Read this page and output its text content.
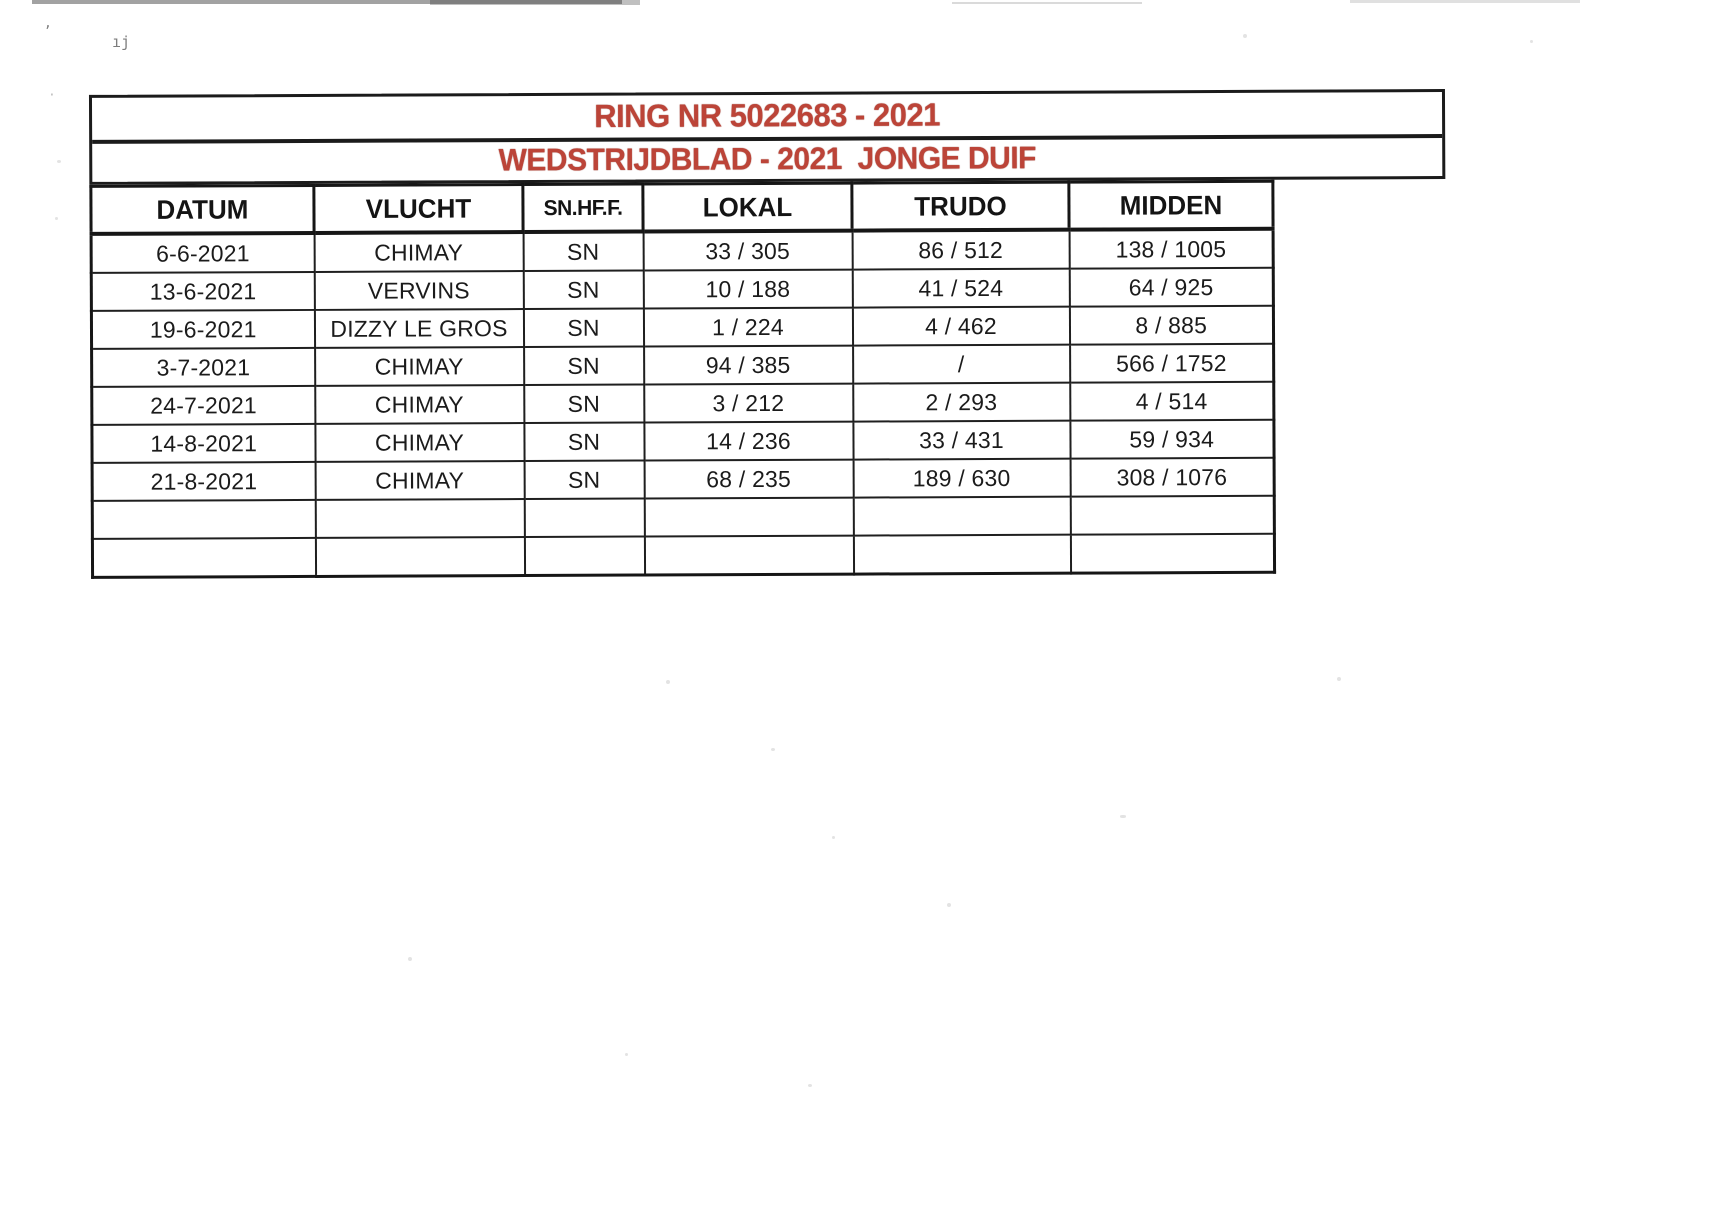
,
ıj
·
RING NR 5022683 - 2021
WEDSTRIJDBLAD - 2021  JONGE DUIF
DATUM	VLUCHT	SN.HF.F.	LOKAL	TRUDO	MIDDEN
6-6-2021	CHIMAY	SN	33 / 305	86 / 512	138 / 1005
13-6-2021	VERVINS	SN	10 / 188	41 / 524	64 / 925
19-6-2021	DIZZY LE GROS	SN	1 / 224	4 / 462	8 / 885
3-7-2021	CHIMAY	SN	94 / 385	/	566 / 1752
24-7-2021	CHIMAY	SN	3 / 212	2 / 293	4 / 514
14-8-2021	CHIMAY	SN	14 / 236	33 / 431	59 / 934
21-8-2021	CHIMAY	SN	68 / 235	189 / 630	308 / 1076
